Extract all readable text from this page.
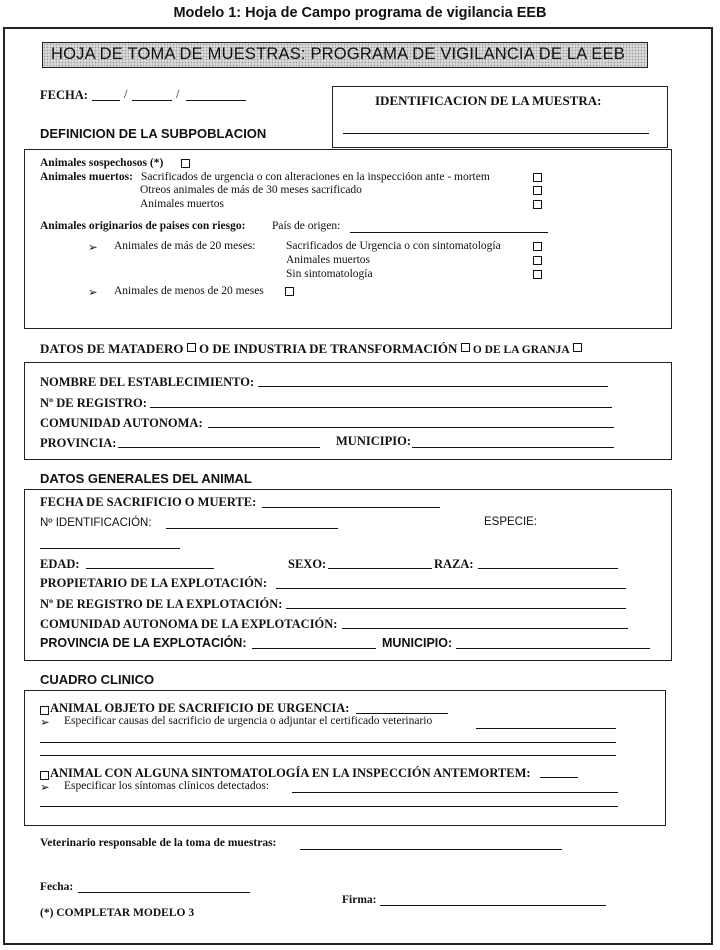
Modelo 1: Hoja de Campo programa de vigilancia EEB
HOJA DE TOMA DE MUESTRAS: PROGRAMA DE VIGILANCIA DE LA EEB
FECHA:	/	/	IDENTIFICACION DE LA MUESTRA:
DEFINICION DE LA SUBPOBLACION
Animales sospechosos (*)
Animales muertos: Sacrificados de urgencia o con alteraciones en la inspeccióon ante - mortem
Otreos animales de más de 30 meses sacrificado
Animales muertos
Animales originarios de paises con riesgo: País de origen:
➢ Animales de más de 20 meses:	Sacrificados de Urgencia o con sintomatología
Animales muertos
Sin sintomatología
➢ Animales de menos de 20 meses
DATOS DE MATADERO O DE INDUSTRIA DE TRANSFORMACIÓN O DE LA GRANJA
NOMBRE DEL ESTABLECIMIENTO:
Nº DE REGISTRO:
COMUNIDAD AUTONOMA:
PROVINCIA:	MUNICIPIO:
DATOS GENERALES DEL ANIMAL
FECHA DE SACRIFICIO O MUERTE:
Nº IDENTIFICACIÓN:	ESPECIE:
EDAD:	SEXO:	RAZA:
PROPIETARIO DE LA EXPLOTACIÓN:
Nº DE REGISTRO DE LA EXPLOTACIÓN:
COMUNIDAD AUTONOMA DE LA EXPLOTACIÓN:
PROVINCIA DE LA EXPLOTACIÓN:	MUNICIPIO:
CUADRO CLINICO
ANIMAL OBJETO DE SACRIFICIO DE URGENCIA:
➢ Especificar causas del sacrificio de urgencia o adjuntar el certificado veterinario
ANIMAL CON ALGUNA SINTOMATOLOGÍA EN LA INSPECCIÓN ANTEMORTEM:
➢ Especificar los síntomas clínicos detectados:
Veterinario responsable de la toma de muestras:
Fecha:
Firma:
(*) COMPLETAR MODELO 3
